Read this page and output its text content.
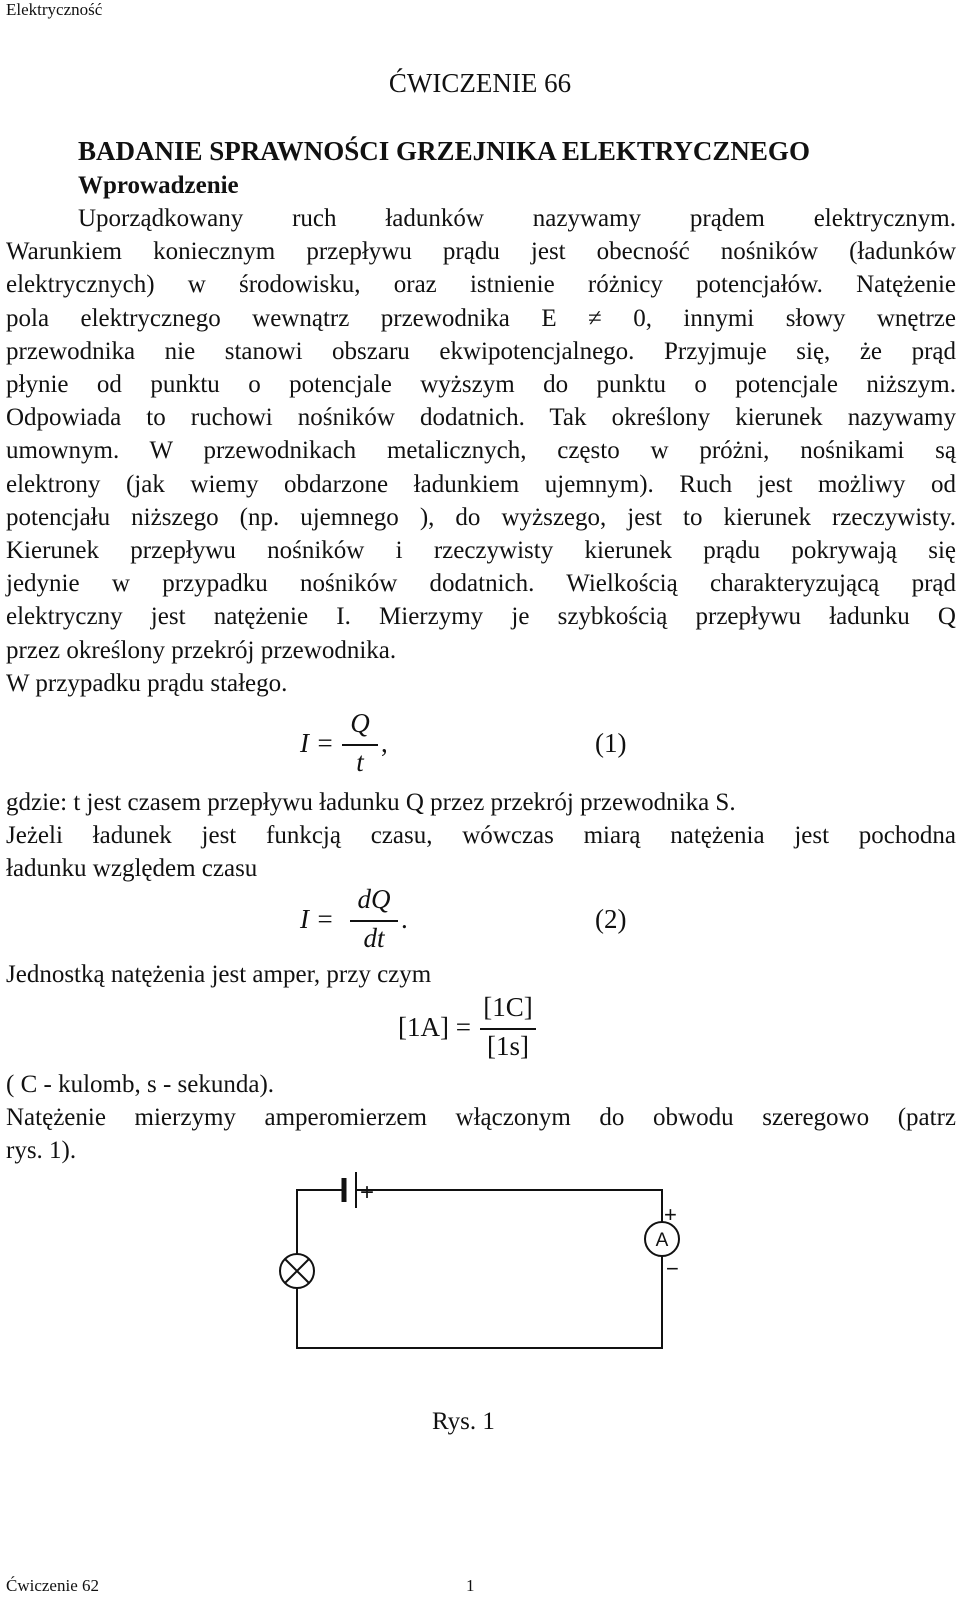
Elektryczność
ĆWICZENIE 66
BADANIE SPRAWNOŚCI GRZEJNIKA ELEKTRYCZNEGO
Wprowadzenie
Uporządkowany ruch ładunków nazywamy prądem elektrycznym.
Warunkiem koniecznym przepływu prądu jest obecność nośników (ładunków
elektrycznych) w środowisku, oraz istnienie różnicy potencjałów. Natężenie
pola elektrycznego wewnątrz przewodnika E ≠ 0, innymi słowy wnętrze
przewodnika nie stanowi obszaru ekwipotencjalnego. Przyjmuje się, że prąd
płynie od punktu o potencjale wyższym do punktu o potencjale niższym.
Odpowiada to ruchowi nośników dodatnich. Tak określony kierunek nazywamy
umownym. W przewodnikach metalicznych, często w próżni, nośnikami są
elektrony (jak wiemy obdarzone ładunkiem ujemnym). Ruch jest możliwy od
potencjału niższego (np. ujemnego ), do wyższego, jest to kierunek rzeczywisty.
Kierunek przepływu nośników i rzeczywisty kierunek prądu pokrywają się
jedynie w przypadku nośników dodatnich. Wielkością charakteryzującą prąd
elektryczny jest natężenie I. Mierzymy je szybkością przepływu ładunku Q
przez określony przekrój przewodnika.
W przypadku prądu stałego.
I =
Q
t
,	(1)
gdzie: t jest czasem przepływu ładunku Q przez przekrój przewodnika S.
Jeżeli ładunek jest funkcją czasu, wówczas miarą natężenia jest pochodna
ładunku względem czasu
I =
dQ
dt
.	(2)
Jednostką natężenia jest amper, przy czym
[1A] =
[1C]
[1s]
( C - kulomb, s - sekunda).
Natężenie mierzymy amperomierzem włączonym do obwodu szeregowo (patrz
rys. 1).
+
A
+
−
Rys. 1
Ćwiczenie 62	1
